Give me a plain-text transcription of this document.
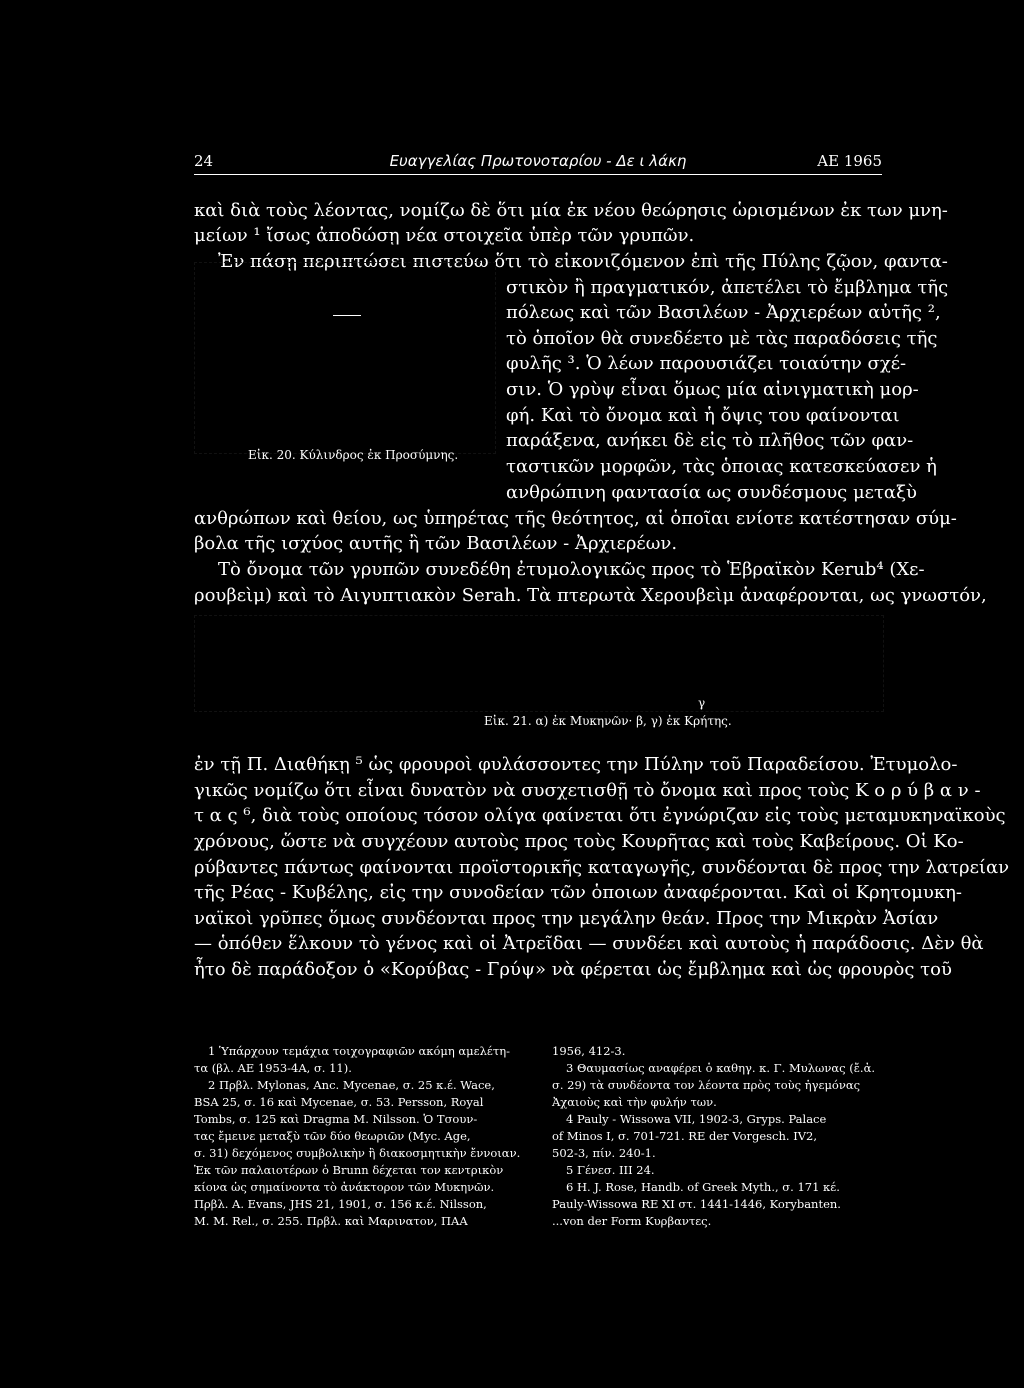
24	Ευαγγελίας Πρωτονοταρίου - Δε ι λάκη	ΑΕ 1965
καὶ διὰ τοὺς λέοντας, νομίζω δὲ ὅτι μία ἐκ νέου θεώρησις ὡρισμένων ἐκ των μνη-
μείων ¹ ἴσως ἀποδώσῃ νέα στοιχεῖα ὑπὲρ τῶν γρυπῶν.
Ἐν πάσῃ περιπτώσει πιστεύω ὅτι τὸ εἰκονιζόμενον ἐπὶ τῆς Πύλης ζῷον, φαντα-
στικὸν ἢ πραγματικόν, ἀπετέλει τὸ ἔμβλημα τῆς
πόλεως καὶ τῶν Βασιλέων - Ἀρχιερέων αὐτῆς ²,
τὸ ὁποῖον θὰ συνεδέετο μὲ τὰς παραδόσεις τῆς
φυλῆς ³. Ὁ λέων παρουσιάζει τοιαύτην σχέ-
σιν. Ὁ γρὺψ εἶναι ὅμως μία αἰνιγματικὴ μορ-
φή. Καὶ τὸ ὄνομα καὶ ἡ ὄψις του φαίνονται
παράξενα, ανήκει δὲ εἰς τὸ πλῆθος τῶν φαν-
ταστικῶν μορφῶν, τὰς ὁποιας κατεσκεύασεν ἡ
ανθρώπινη φαντασία ως συνδέσμους μεταξὺ
ανθρώπων καὶ θείου, ως ὑπηρέτας τῆς θεότητος, αἱ ὁποῖαι ενίοτε κατέστησαν σύμ-
βολα τῆς ισχύος αυτῆς ἢ τῶν Βασιλέων - Ἀρχιερέων.
Τὸ ὄνομα τῶν γρυπῶν συνεδέθη ἐτυμολογικῶς προς τὸ Ἑβραϊκὸν Kerub⁴ (Χε-
ρουβεὶμ) καὶ τὸ Αιγυπτιακὸν Serah. Τὰ πτερωτὰ Χερουβεὶμ ἀναφέρονται, ως γνωστόν,
Εἰκ. 20. Κύλινδρος ἐκ Προσύμνης.
γ
Εἰκ. 21. α) ἐκ Μυκηνῶν· β, γ) ἐκ Κρήτης.
ἐν τῇ Π. Διαθήκῃ ⁵ ὡς φρουροὶ φυλάσσοντες την Πύλην τοῦ Παραδείσου. Ἐτυμολο-
γικῶς νομίζω ὅτι εἶναι δυνατὸν νὰ συσχετισθῇ τὸ ὄνομα καὶ προς τοὺς Κ ο ρ ύ β α ν -
τ α ς ⁶, διὰ τοὺς οποίους τόσον ολίγα φαίνεται ὅτι ἐγνώριζαν εἰς τοὺς μεταμυκηναϊκοὺς
χρόνους, ὥστε νὰ συγχέουν αυτοὺς προς τοὺς Κουρῆτας καὶ τοὺς Καβείρους. Οἱ Κο-
ρύβαντες πάντως φαίνονται προϊστορικῆς καταγωγῆς, συνδέονται δὲ προς την λατρείαν
τῆς Ρέας - Κυβέλης, εἰς την συνοδείαν τῶν ὁποιων ἀναφέρονται. Καὶ οἱ Κρητομυκη-
ναϊκοὶ γρῦπες ὅμως συνδέονται προς την μεγάλην θεάν. Προς την Μικρὰν Ἀσίαν
— ὁπόθεν ἕλκουν τὸ γένος καὶ οἱ Ἀτρεῖδαι — συνδέει καὶ αυτοὺς ἡ παράδοσις. Δὲν θὰ
ἦτο δὲ παράδοξον ὁ «Κορύβας - Γρύψ» νὰ φέρεται ὡς ἔμβλημα καὶ ὡς φρουρὸς τοῦ
1 Ὑπάρχουν τεμάχια τοιχογραφιῶν ακόμη αμελέτη-
τα (βλ. ΑΕ 1953-4Α, σ. 11).
2 Πρβλ. Mylonas, Anc. Mycenae, σ. 25 κ.έ. Wace,
BSA 25, σ. 16 καὶ Mycenae, σ. 53. Persson, Royal
Tombs, σ. 125 καὶ Dragma M. Nilsson. Ὁ Τσουν-
τας ἔμεινε μεταξὺ τῶν δύο θεωριῶν (Myc. Age,
σ. 31) δεχόμενος συμβολικὴν ἢ διακοσμητικὴν ἔννοιαν.
Ἐκ τῶν παλαιοτέρων ὁ Brunn δέχεται τον κεντρικὸν
κίονα ὡς σημαίνοντα τὸ ἀνάκτορον τῶν Μυκηνῶν.
Πρβλ. A. Evans, JHS 21, 1901, σ. 156 κ.έ. Nilsson,
M. M. Rel., σ. 255. Πρβλ. καὶ Μαρινατον, ΠΑΑ
1956, 412-3.
3 Θαυμασίως αναφέρει ὁ καθηγ. κ. Γ. Μυλωνας (ἔ.ἀ.
σ. 29) τὰ συνδέοντα τον λέοντα πρὸς τοὺς ἡγεμόνας
Ἀχαιοὺς καὶ τὴν φυλήν των.
4 Pauly - Wissowa VII, 1902-3, Gryps. Palace
of Minos I, σ. 701-721. RE der Vorgesch. IV2,
502-3, πίν. 240-1.
5 Γένεσ. III 24.
6 H. J. Rose, Handb. of Greek Myth., σ. 171 κέ.
Pauly-Wissowa RE XI στ. 1441-1446, Korybanten.
...von der Form Κυρβαντες.
